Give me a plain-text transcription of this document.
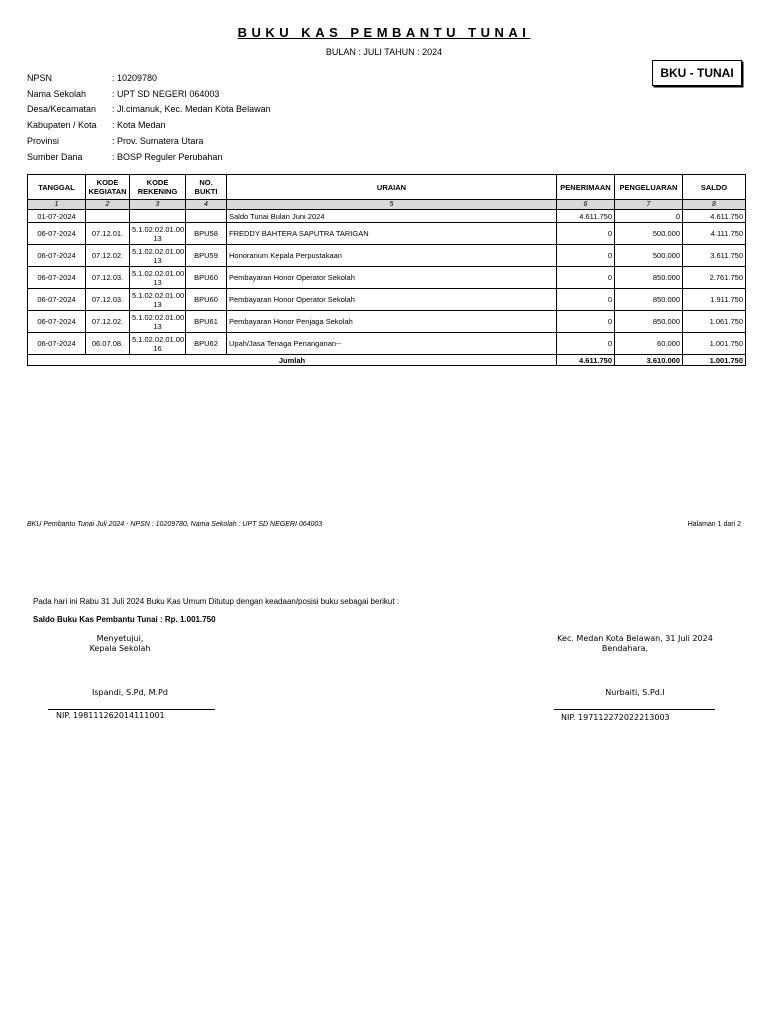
BUKU KAS PEMBANTU TUNAI
BULAN : JULI TAHUN : 2024
BKU - TUNAI
NPSN	: 10209780
Nama Sekolah	: UPT SD NEGERI 064003
Desa/Kecamatan	: Jl.cimanuk, Kec. Medan Kota Belawan
Kabupaten / Kota	: Kota Medan
Provinsi	: Prov. Sumatera Utara
Sumber Dana	: BOSP Reguler Perubahan
TANGGAL	KODE KEGIATAN	KODE REKENING	NO. BUKTI	URAIAN	PENERIMAAN	PENGELUARAN	SALDO
1	2	3	4	5	6	7	8
01-07-2024				Saldo Tunai Bulan Juni 2024	4.611.750	0	4.611.750
06-07-2024	07.12.01.	5.1.02.02.01.00 13	BPU58	FREDDY BAHTERA SAPUTRA TARIGAN	0	500.000	4.111.750
06-07-2024	07.12.02.	5.1.02.02.01.00 13	BPU59	Honorarium Kepala Perpustakaan	0	500.000	3.611.750
06-07-2024	07.12.03.	5.1.02.02.01.00 13	BPU60	Pembayaran Honor Operator Sekolah	0	850.000	2.761.750
06-07-2024	07.12.03.	5.1.02.02.01.00 13	BPU60	Pembayaran Honor Operator Sekolah	0	850.000	1.911.750
06-07-2024	07.12.02.	5.1.02.02.01.00 13	BPU61	Pembayaran Honor Penjaga Sekolah	0	850.000	1.061.750
06-07-2024	06.07.08.	5.1.02.02.01.00 16	BPU62	Upah/Jasa Tenaga Penanganan--	0	60.000	1.001.750
Jumlah					4.611.750	3.610.000	1.001.750
BKU Pembantu Tunai Juli 2024 - NPSN : 10209780, Nama Sekolah : UPT SD NEGERI 064003	Halaman 1 dari 2
Pada hari ini Rabu 31 Juli 2024 Buku Kas Umum Ditutup dengan keadaan/posisi buku sebagai berikut :
Saldo Buku Kas Pembantu Tunai : Rp. 1.001.750
Menyetujui,
Kepala Sekolah
Ispandi, S.Pd, M.Pd
NIP. 198111262014111001
Kec. Medan Kota Belawan, 31 Juli 2024
Bendahara,
Nurbaiti, S.Pd.I
NIP. 197112272022213003
